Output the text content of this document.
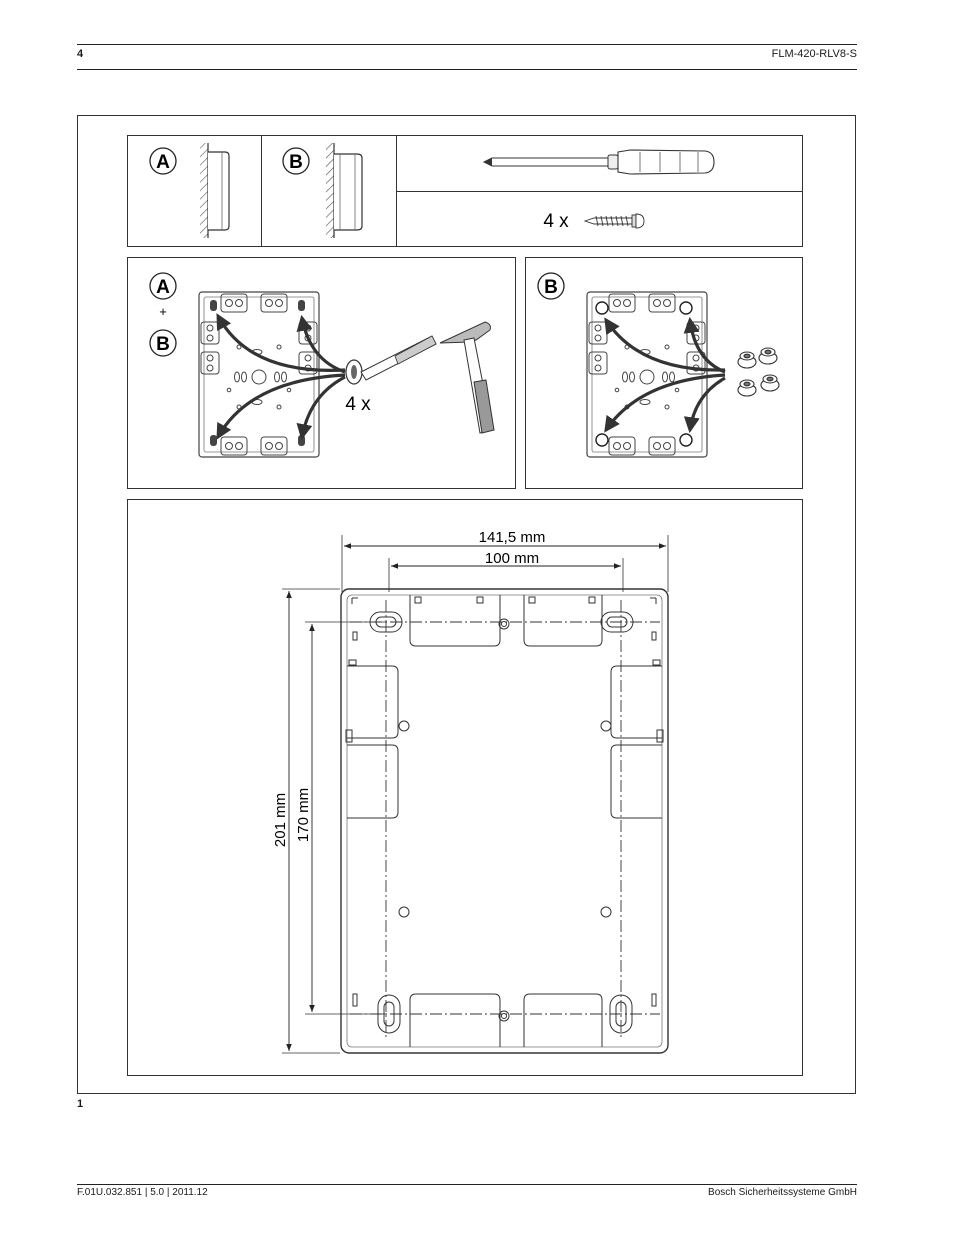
4	FLM-420-RLV8-S
A	B
4 x
A
+
B
4 x
B
141,5 mm
100 mm
201 mm 170 mm
1
F.01U.032.851 | 5.0 | 2011.12	Bosch Sicherheitssysteme GmbH
